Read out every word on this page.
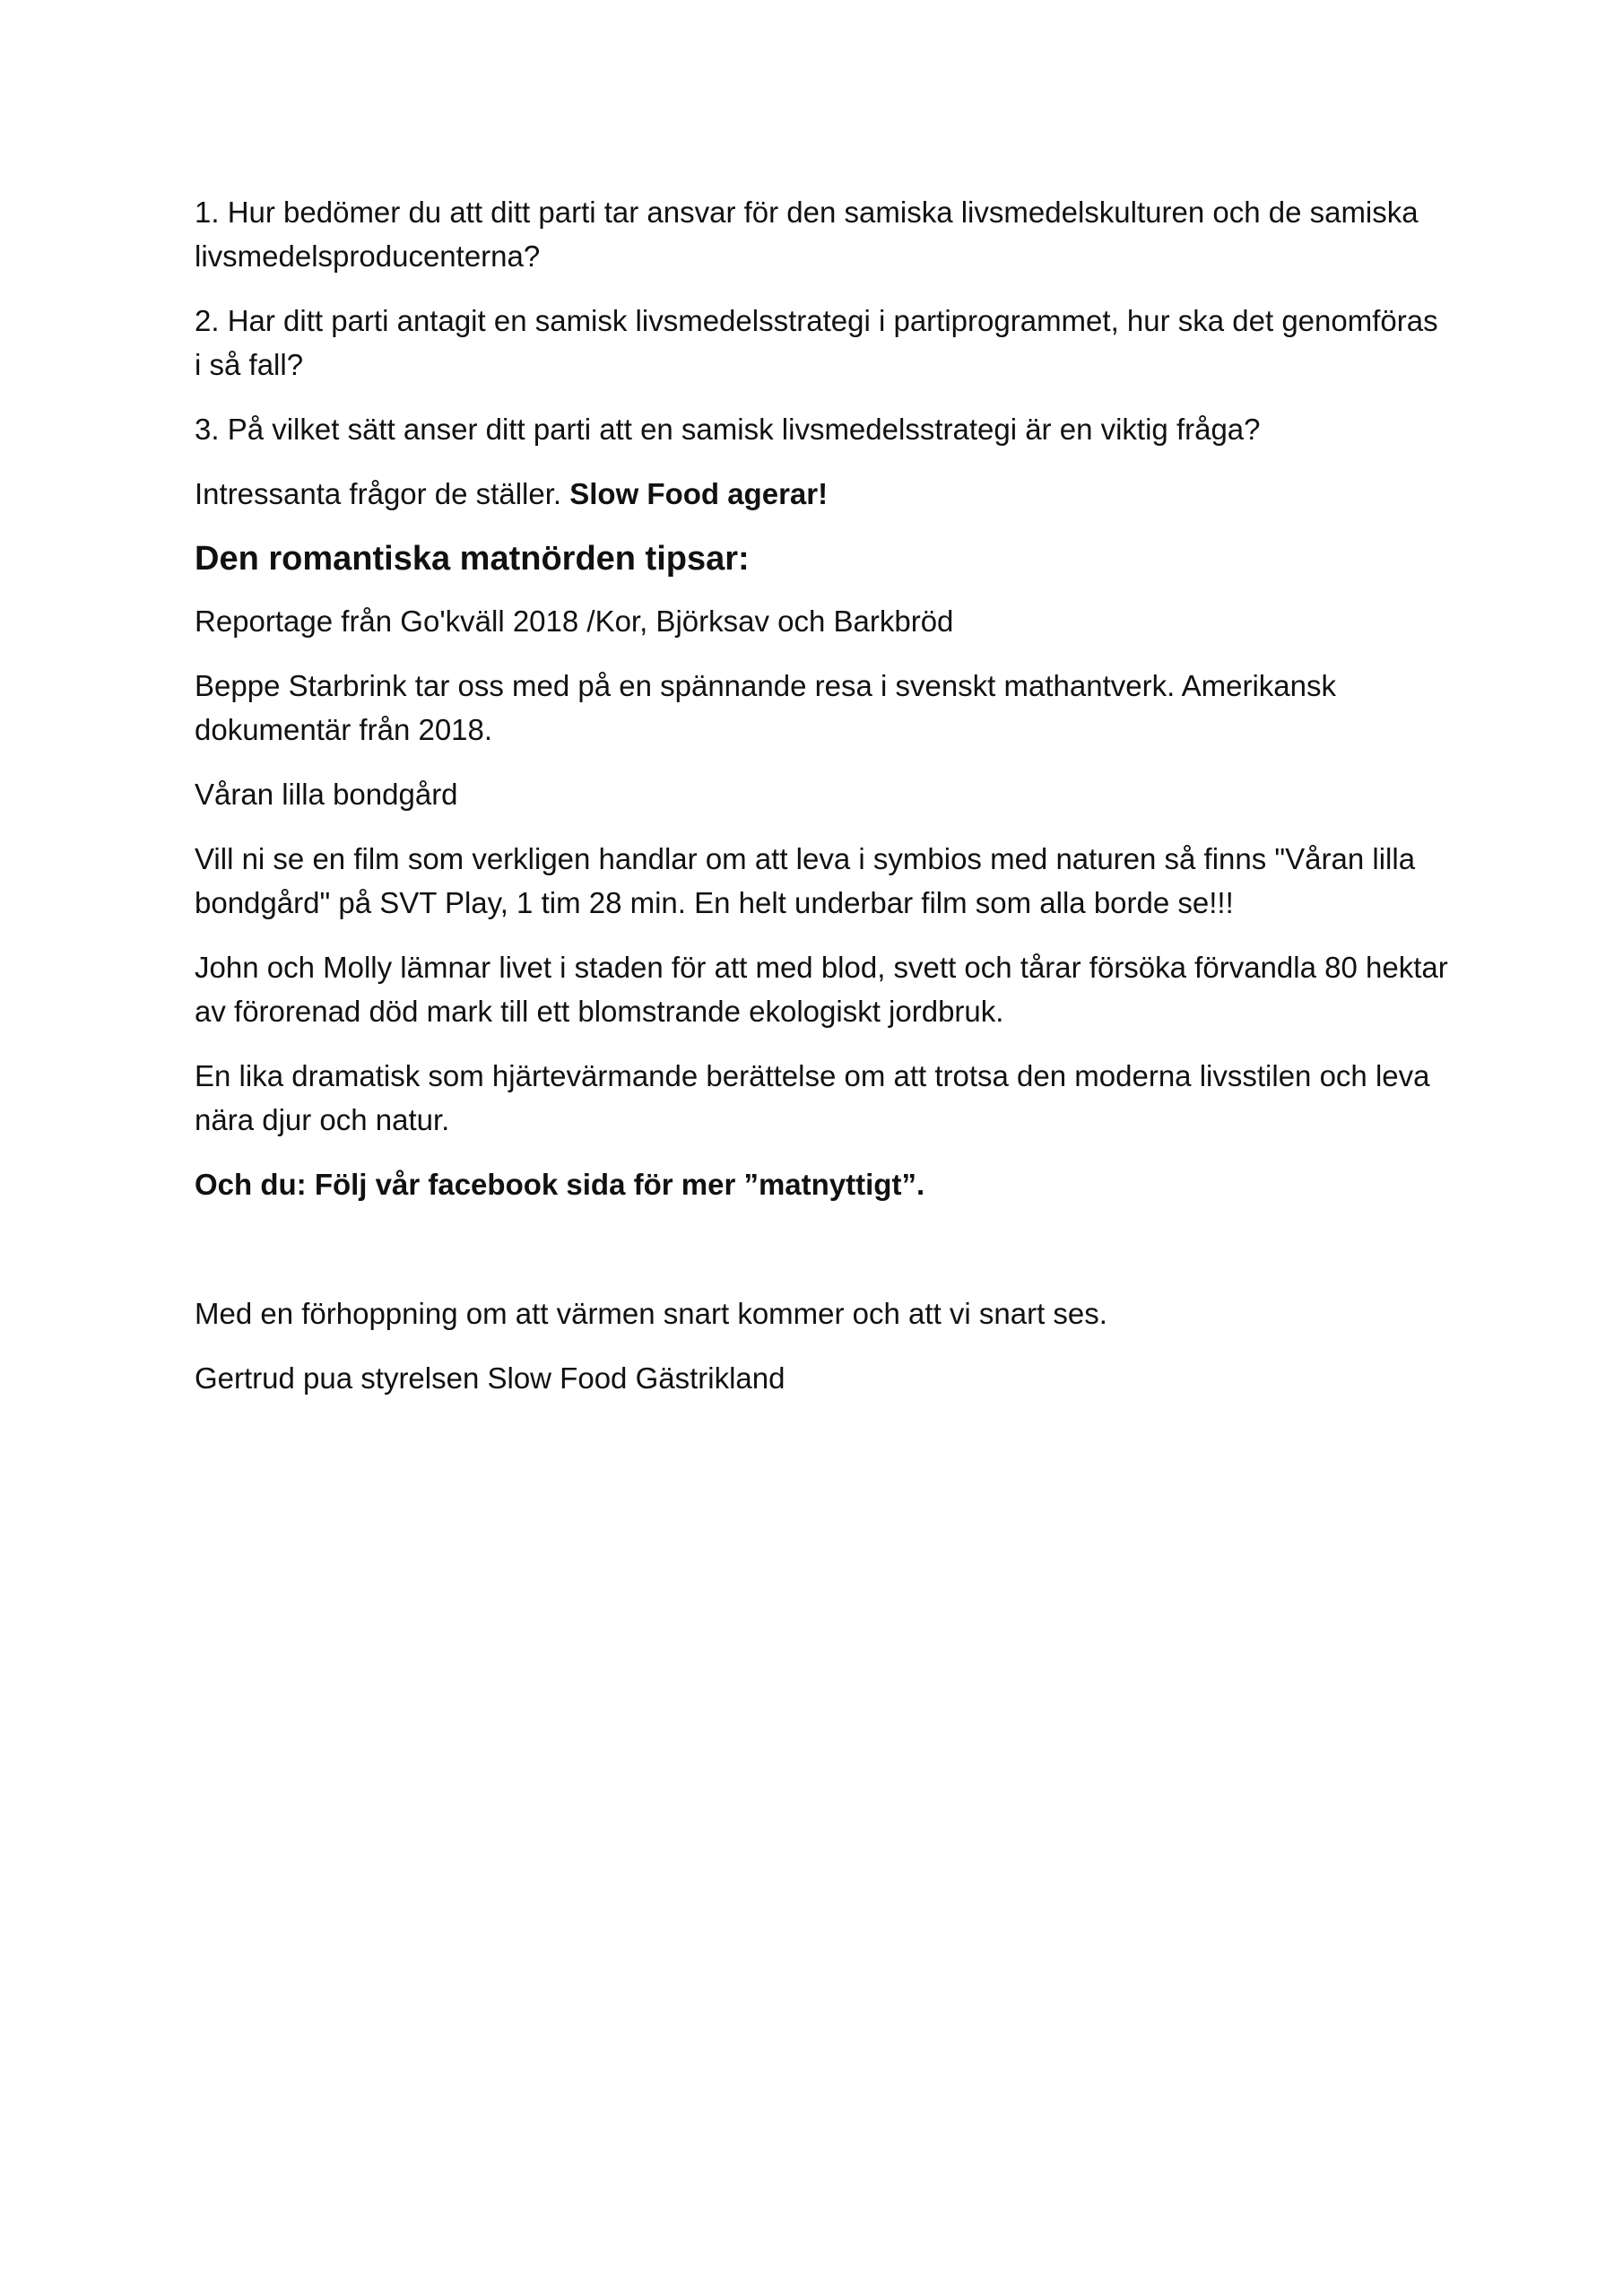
1. Hur bedömer du att ditt parti tar ansvar för den samiska livsmedelskulturen och de samiska livsmedelsproducenterna?

2. Har ditt parti antagit en samisk livsmedelsstrategi i partiprogrammet, hur ska det genomföras i så fall?

3. På vilket sätt anser ditt parti att en samisk livsmedelsstrategi är en viktig fråga?

Intressanta frågor de ställer. Slow Food agerar!

Den romantiska matnörden tipsar:

Reportage från Go'kväll 2018 /Kor, Björksav och Barkbröd

Beppe Starbrink tar oss med på en spännande resa i svenskt mathantverk. Amerikansk dokumentär från 2018.

Våran lilla bondgård

Vill ni se en film som verkligen handlar om att leva i symbios med naturen så finns "Våran lilla bondgård" på SVT Play, 1 tim 28 min. En helt underbar film som alla borde se!!!

John och Molly lämnar livet i staden för att med blod, svett och tårar försöka förvandla 80 hektar av förorenad död mark till ett blomstrande ekologiskt jordbruk.

En lika dramatisk som hjärtevärmande berättelse om att trotsa den moderna livsstilen och leva nära djur och natur.

Och du: Följ vår facebook sida för mer ”matnyttigt”.

Med en förhoppning om att värmen snart kommer och att vi snart ses.

Gertrud pua styrelsen Slow Food Gästrikland
